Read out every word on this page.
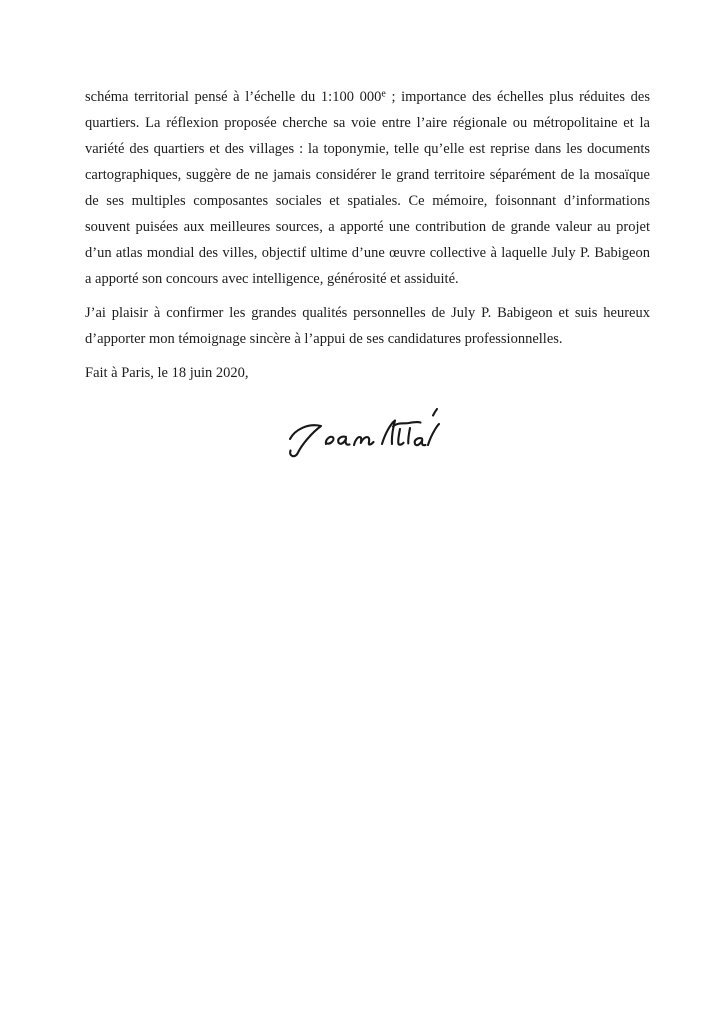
schéma territorial pensé à l’échelle du 1:100 000e ; importance des échelles plus réduites des
quartiers. La réflexion proposée cherche sa voie entre l’aire régionale ou métropolitaine et la
variété des quartiers et des villages : la toponymie, telle qu’elle est reprise dans les documents
cartographiques, suggère de ne jamais considérer le grand territoire séparément de la mosaïque
de ses multiples composantes sociales et spatiales. Ce mémoire, foisonnant d’informations
souvent puisées aux meilleures sources, a apporté une contribution de grande valeur au projet
d’un atlas mondial des villes, objectif ultime d’une œuvre collective à laquelle July P. Babigeon
a apporté son concours avec intelligence, générosité et assiduité.

J’ai plaisir à confirmer les grandes qualités personnelles de July P. Babigeon et suis heureux
d’apporter mon témoignage sincère à l’appui de ses candidatures professionnelles.

Fait à Paris, le 18 juin 2020,
